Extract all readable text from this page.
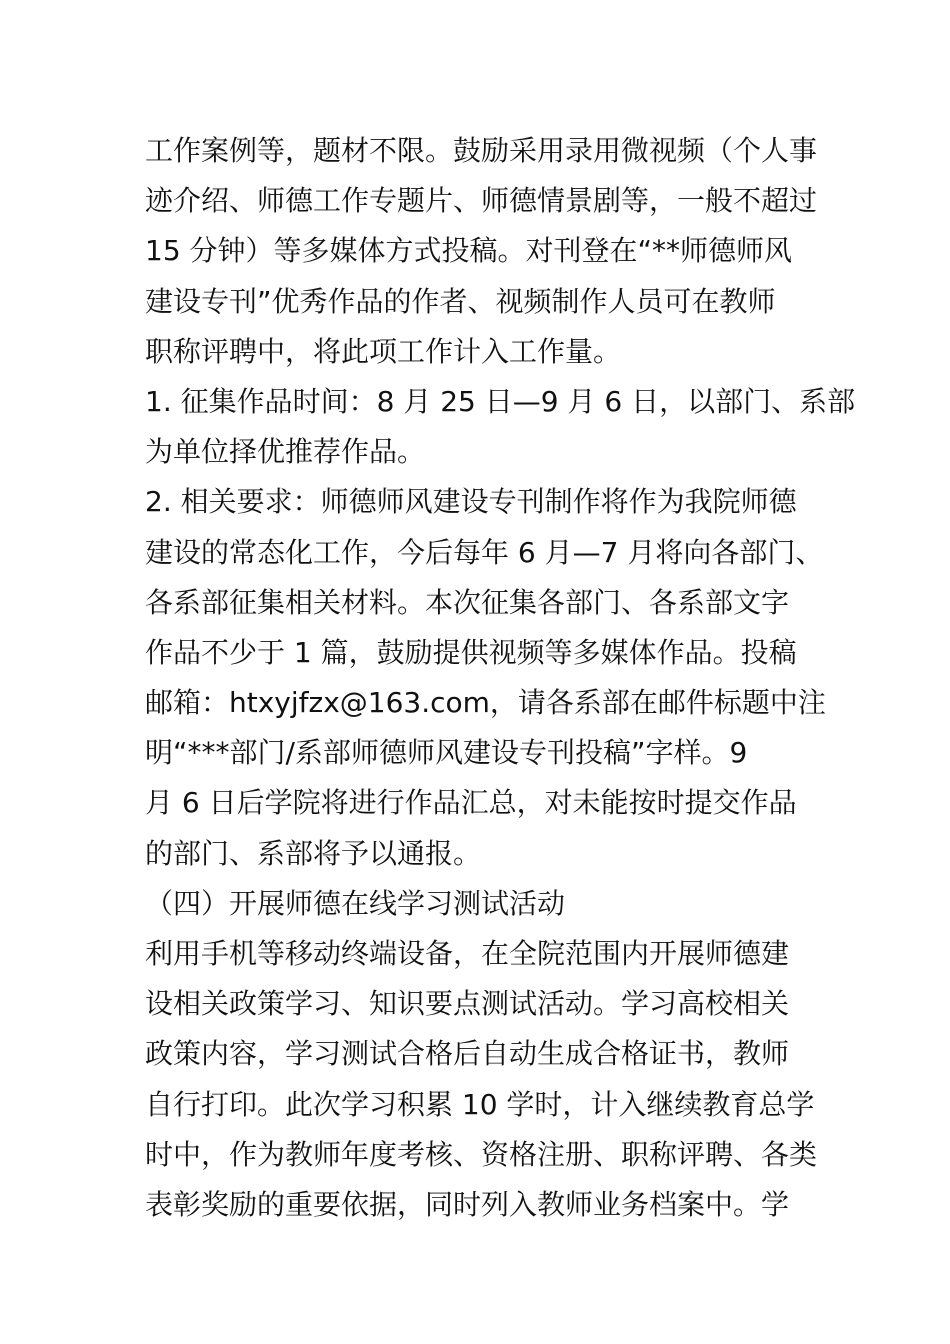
工作案例等，题材不限。鼓励采用录用微视频（个人事
迹介绍、师德工作专题片、师德情景剧等，一般不超过
15 分钟）等多媒体方式投稿。对刊登在“**师德师风
建设专刊”优秀作品的作者、视频制作人员可在教师
职称评聘中，将此项工作计入工作量。
1. 征集作品时间：8 月 25 日—9 月 6 日，以部门、系部
为单位择优推荐作品。
2. 相关要求：师德师风建设专刊制作将作为我院师德
建设的常态化工作，今后每年 6 月—7 月将向各部门、
各系部征集相关材料。本次征集各部门、各系部文字
作品不少于 1 篇，鼓励提供视频等多媒体作品。投稿
邮箱：htxyjfzx@163.com，请各系部在邮件标题中注
明“***部门/系部师德师风建设专刊投稿”字样。9
月 6 日后学院将进行作品汇总，对未能按时提交作品
的部门、系部将予以通报。
（四）开展师德在线学习测试活动
利用手机等移动终端设备，在全院范围内开展师德建
设相关政策学习、知识要点测试活动。学习高校相关
政策内容，学习测试合格后自动生成合格证书，教师
自行打印。此次学习积累 10 学时，计入继续教育总学
时中，作为教师年度考核、资格注册、职称评聘、各类
表彰奖励的重要依据，同时列入教师业务档案中。学
